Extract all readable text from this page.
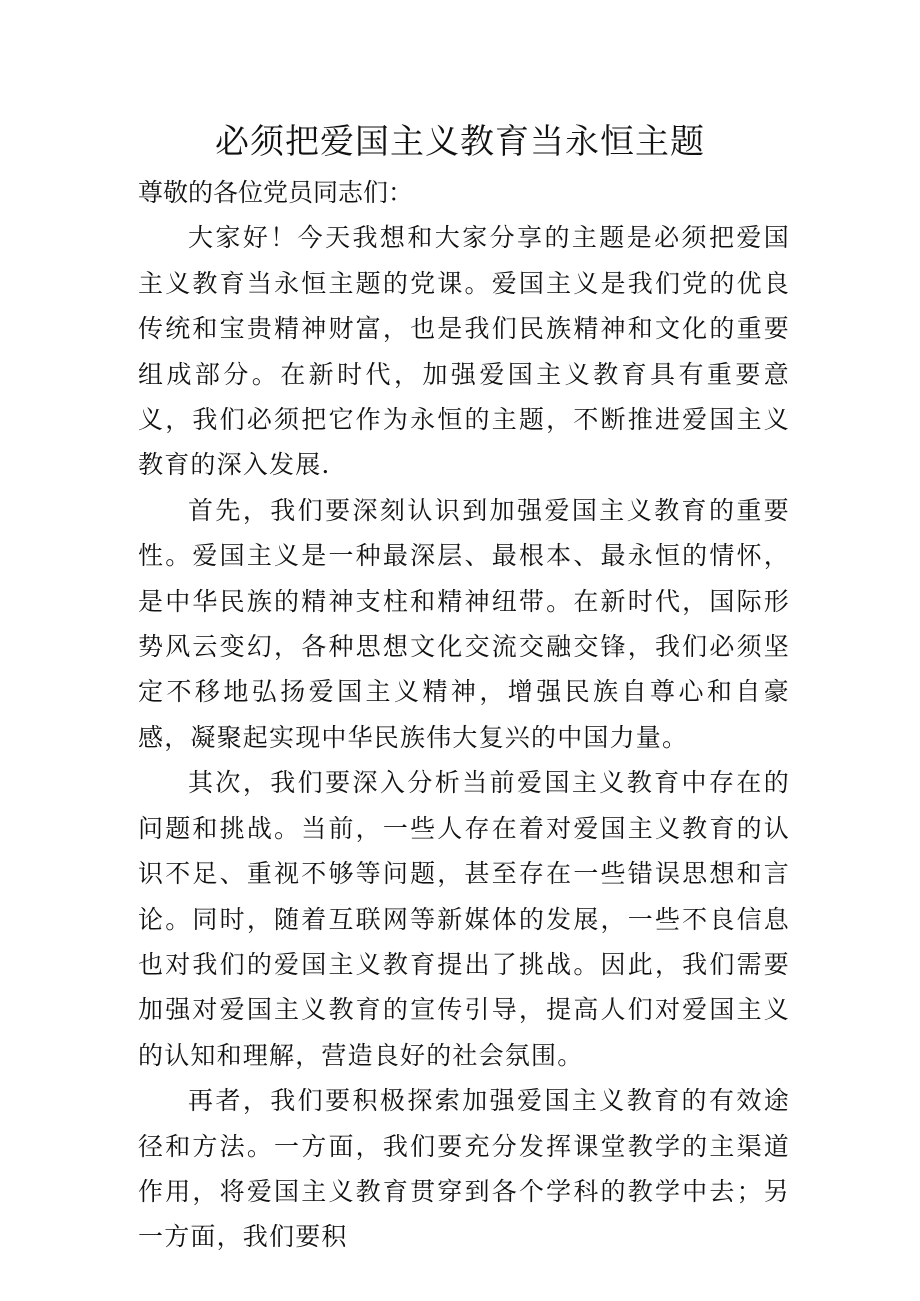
必须把爱国主义教育当永恒主题

尊敬的各位党员同志们：

大家好！今天我想和大家分享的主题是必须把爱国主义教育当永恒主题的党课。爱国主义是我们党的优良传统和宝贵精神财富，也是我们民族精神和文化的重要组成部分。在新时代，加强爱国主义教育具有重要意义，我们必须把它作为永恒的主题，不断推进爱国主义教育的深入发展.

首先，我们要深刻认识到加强爱国主义教育的重要性。爱国主义是一种最深层、最根本、最永恒的情怀，是中华民族的精神支柱和精神纽带。在新时代，国际形势风云变幻，各种思想文化交流交融交锋，我们必须坚定不移地弘扬爱国主义精神，增强民族自尊心和自豪感，凝聚起实现中华民族伟大复兴的中国力量。

其次，我们要深入分析当前爱国主义教育中存在的问题和挑战。当前，一些人存在着对爱国主义教育的认识不足、重视不够等问题，甚至存在一些错误思想和言论。同时，随着互联网等新媒体的发展，一些不良信息也对我们的爱国主义教育提出了挑战。因此，我们需要加强对爱国主义教育的宣传引导，提高人们对爱国主义的认知和理解，营造良好的社会氛围。

再者，我们要积极探索加强爱国主义教育的有效途径和方法。一方面，我们要充分发挥课堂教学的主渠道作用，将爱国主义教育贯穿到各个学科的教学中去；另一方面，我们要积
